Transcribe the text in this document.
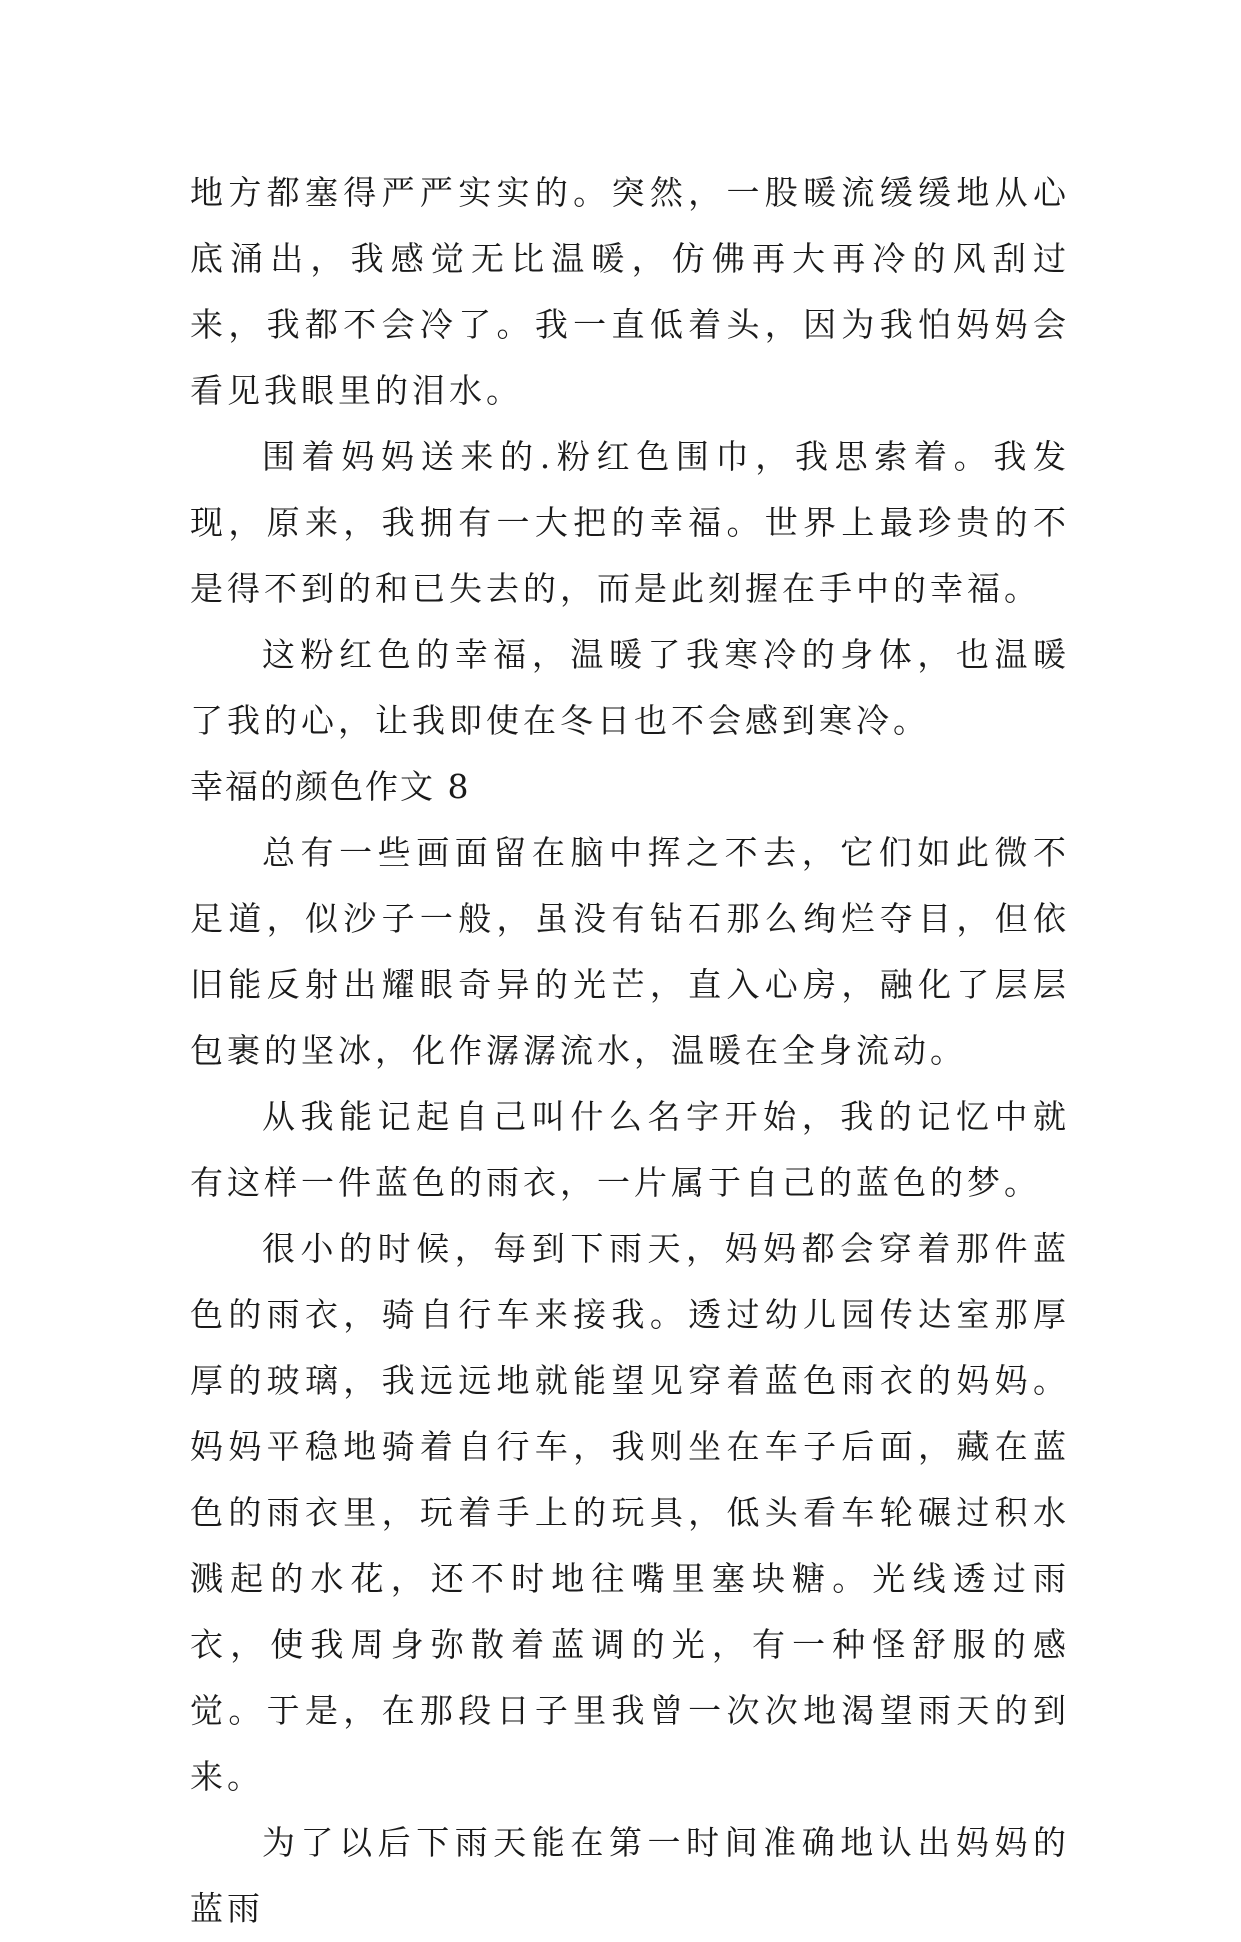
地方都塞得严严实实的。突然，一股暖流缓缓地从心底涌出，我感觉无比温暖，仿佛再大再冷的风刮过来，我都不会冷了。我一直低着头，因为我怕妈妈会看见我眼里的泪水。

围着妈妈送来的.粉红色围巾，我思索着。我发现，原来，我拥有一大把的幸福。世界上最珍贵的不是得不到的和已失去的，而是此刻握在手中的幸福。

这粉红色的幸福，温暖了我寒冷的身体，也温暖了我的心，让我即使在冬日也不会感到寒冷。

幸福的颜色作文 8

总有一些画面留在脑中挥之不去，它们如此微不足道，似沙子一般，虽没有钻石那么绚烂夺目，但依旧能反射出耀眼奇异的光芒，直入心房，融化了层层包裹的坚冰，化作潺潺流水，温暖在全身流动。

从我能记起自己叫什么名字开始，我的记忆中就有这样一件蓝色的雨衣，一片属于自己的蓝色的梦。

很小的时候，每到下雨天，妈妈都会穿着那件蓝色的雨衣，骑自行车来接我。透过幼儿园传达室那厚厚的玻璃，我远远地就能望见穿着蓝色雨衣的妈妈。妈妈平稳地骑着自行车，我则坐在车子后面，藏在蓝色的雨衣里，玩着手上的玩具，低头看车轮碾过积水溅起的水花，还不时地往嘴里塞块糖。光线透过雨衣，使我周身弥散着蓝调的光，有一种怪舒服的感觉。于是，在那段日子里我曾一次次地渴望雨天的到来。

为了以后下雨天能在第一时间准确地认出妈妈的蓝雨
